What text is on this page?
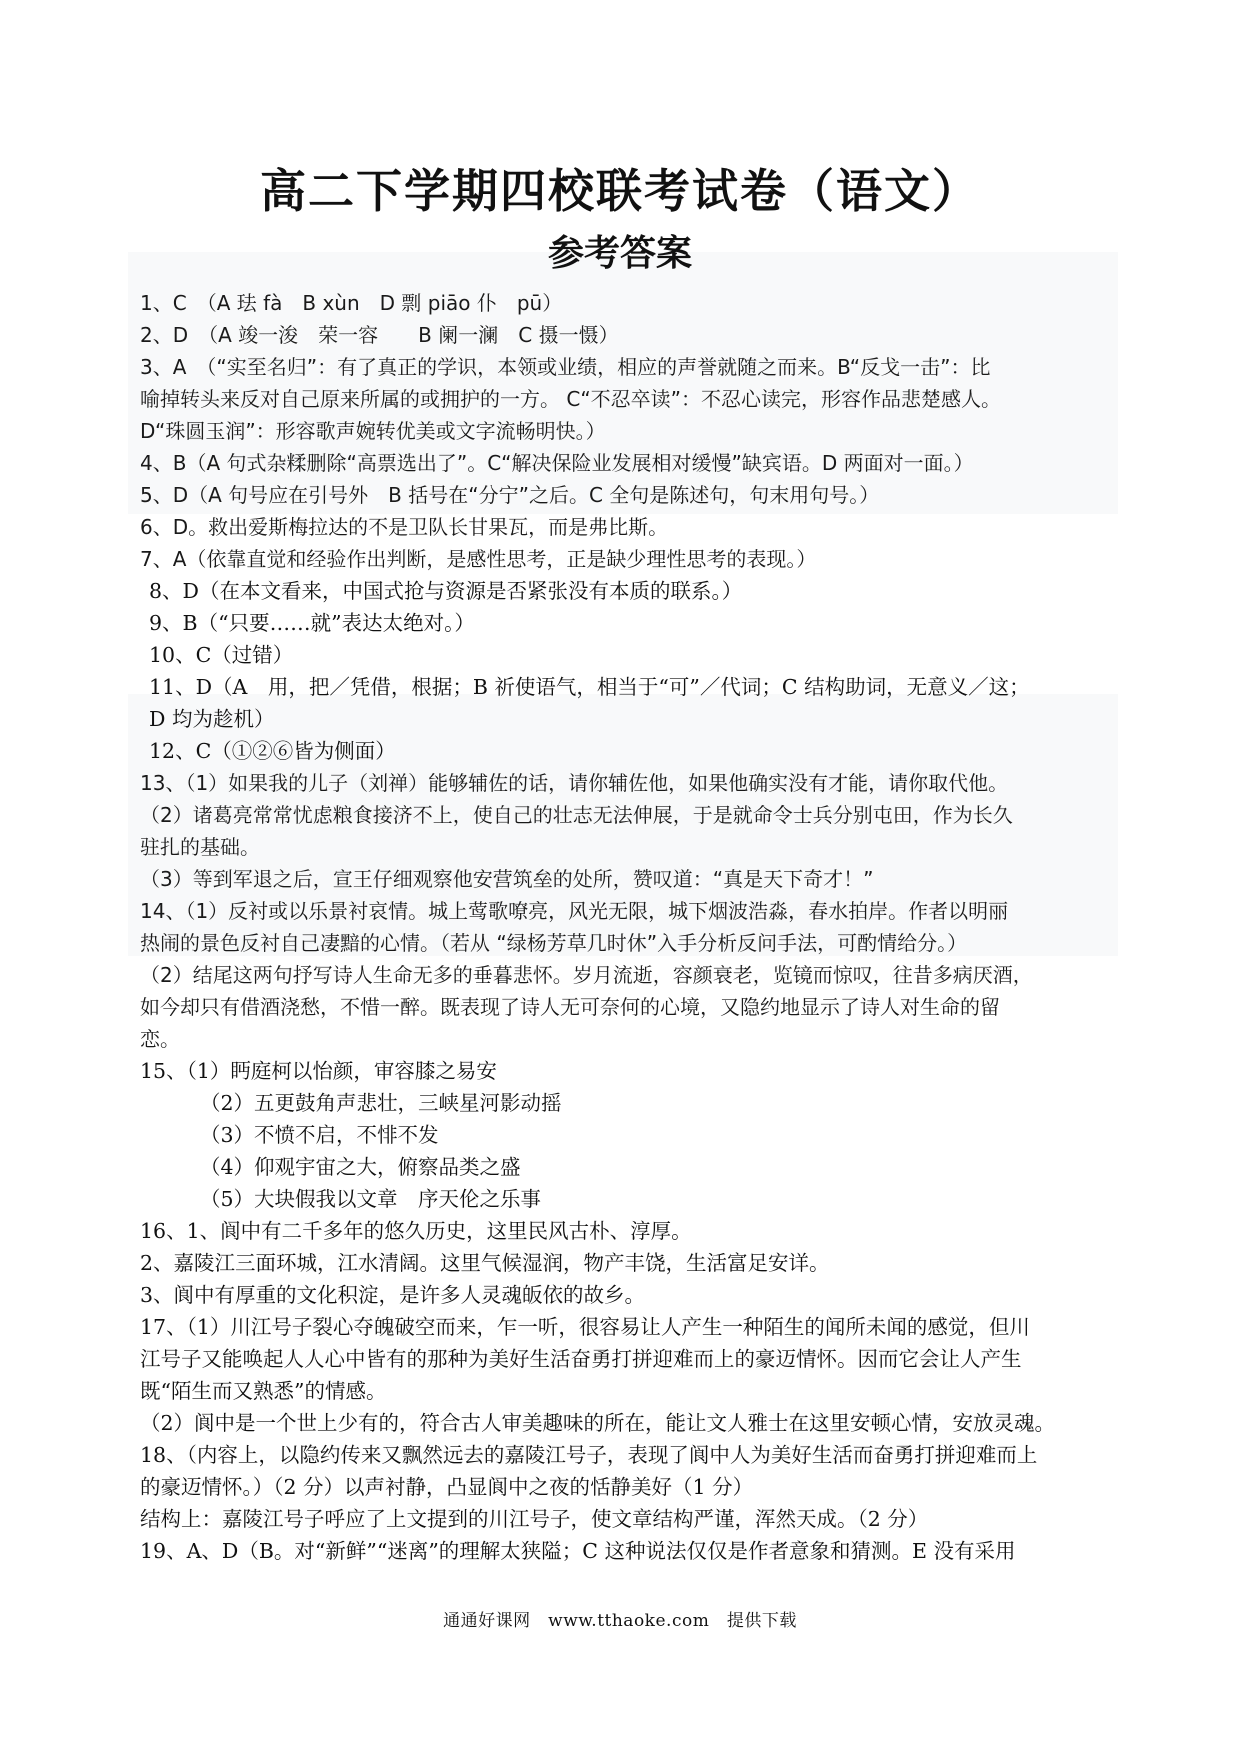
高二下学期四校联考试卷（语文）
参考答案
1、C　（A 珐 fà　B xùn　D 剽 piāo 仆　pū）
2、D　（A 竣一浚　荣一容　　B 阑一澜　C 摄一慑）
3、A　（“实至名归”：有了真正的学识，本领或业绩，相应的声誉就随之而来。B“反戈一击”：比
喻掉转头来反对自己原来所属的或拥护的一方。 C“不忍卒读”：不忍心读完，形容作品悲楚感人。
D“珠圆玉润”：形容歌声婉转优美或文字流畅明快。）
4、B（A 句式杂糅删除“高票选出了”。C“解决保险业发展相对缓慢”缺宾语。D 两面对一面。）
5、D（A 句号应在引号外　B 括号在“分宁”之后。C 全句是陈述句，句末用句号。）
6、D。救出爱斯梅拉达的不是卫队长甘果瓦，而是弗比斯。
7、A（依靠直觉和经验作出判断，是感性思考，正是缺少理性思考的表现。）
8、D（在本文看来，中国式抢与资源是否紧张没有本质的联系。）
9、B（“只要……就”表达太绝对。）
10、C（过错）
11、D（A　用，把／凭借，根据；B 祈使语气，相当于“可”／代词；C 结构助词，无意义／这；
D 均为趁机）
12、C（①②⑥皆为侧面）
13、（1）如果我的儿子（刘禅）能够辅佐的话，请你辅佐他，如果他确实没有才能，请你取代他。
（2）诸葛亮常常忧虑粮食接济不上，使自己的壮志无法伸展，于是就命令士兵分别屯田，作为长久
驻扎的基础。
（3）等到军退之后，宣王仔细观察他安营筑垒的处所，赞叹道：“真是天下奇才！”
14、（1）反衬或以乐景衬哀情。城上莺歌嘹亮，风光无限，城下烟波浩淼，春水拍岸。作者以明丽
热闹的景色反衬自己凄黯的心情。（若从 “绿杨芳草几时休”入手分析反问手法，可酌情给分。）
（2）结尾这两句抒写诗人生命无多的垂暮悲怀。岁月流逝，容颜衰老，览镜而惊叹，往昔多病厌酒，
如今却只有借酒浇愁，不惜一醉。既表现了诗人无可奈何的心境，又隐约地显示了诗人对生命的留
恋。
15、（1）眄庭柯以怡颜，审容膝之易安
（2）五更鼓角声悲壮，三峡星河影动摇
（3）不愤不启，不悱不发
（4）仰观宇宙之大，俯察品类之盛
（5）大块假我以文章　序天伦之乐事
16、1、阆中有二千多年的悠久历史，这里民风古朴、淳厚。
2、嘉陵江三面环城，江水清阔。这里气候湿润，物产丰饶，生活富足安详。
3、阆中有厚重的文化积淀，是许多人灵魂皈依的故乡。
17、（1）川江号子裂心夺魄破空而来，乍一听，很容易让人产生一种陌生的闻所未闻的感觉，但川
江号子又能唤起人人心中皆有的那种为美好生活奋勇打拼迎难而上的豪迈情怀。因而它会让人产生
既“陌生而又熟悉”的情感。
（2）阆中是一个世上少有的，符合古人审美趣味的所在，能让文人雅士在这里安顿心情，安放灵魂。
18、（内容上，以隐约传来又飘然远去的嘉陵江号子，表现了阆中人为美好生活而奋勇打拼迎难而上
的豪迈情怀。）（2 分）以声衬静，凸显阆中之夜的恬静美好（1 分）
结构上：嘉陵江号子呼应了上文提到的川江号子，使文章结构严谨，浑然天成。（2 分）
19、A、D（B。对“新鲜”“迷离”的理解太狭隘；C 这种说法仅仅是作者意象和猜测。E 没有采用
通通好课网　www.tthaoke.com　提供下载
